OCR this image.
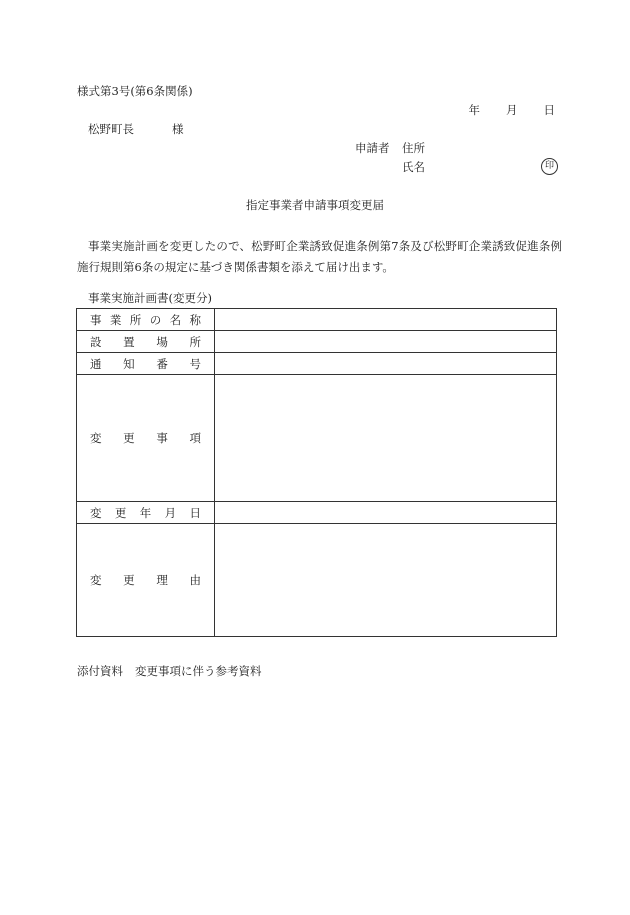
様式第3号(第6条関係)
年 月 日
松野町長	様
申請者 住所
氏名	印
指定事業者申請事項変更届
事業実施計画を変更したので、松野町企業誘致促進条例第7条及び松野町企業誘致促進条例施行規則第6条の規定に基づき関係書類を添えて届け出ます。
事業実施計画書(変更分)
事業所の名称	
設置場所	
通知番号	
変更事項	
変更年月日	
変更理由	
添付資料 変更事項に伴う参考資料
